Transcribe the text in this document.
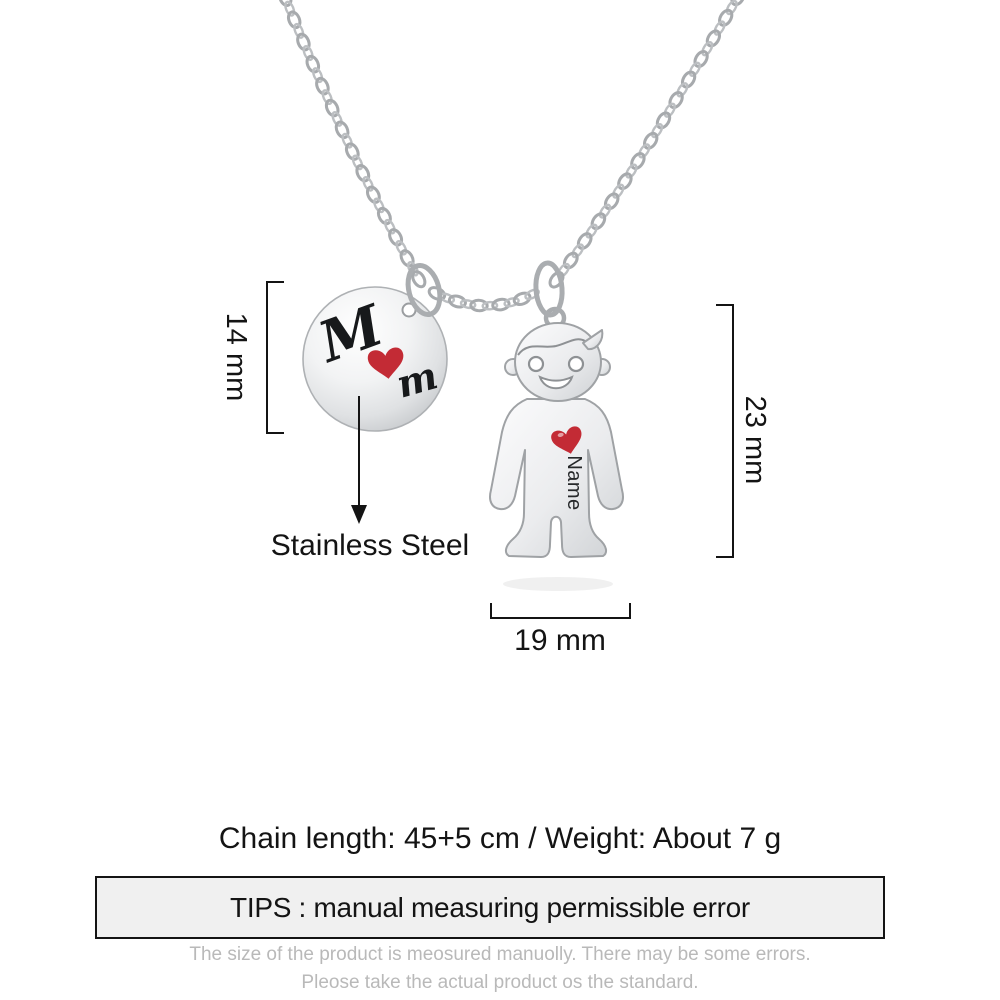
M
m
Name
14 mm
23 mm
19 mm
Stainless Steel
Chain length: 45+5 cm / Weight: About 7 g
TIPS : manual measuring permissible error
The size of the product is meosured manuolly. There may be some errors.
Pleose take the actual product os the standard.
